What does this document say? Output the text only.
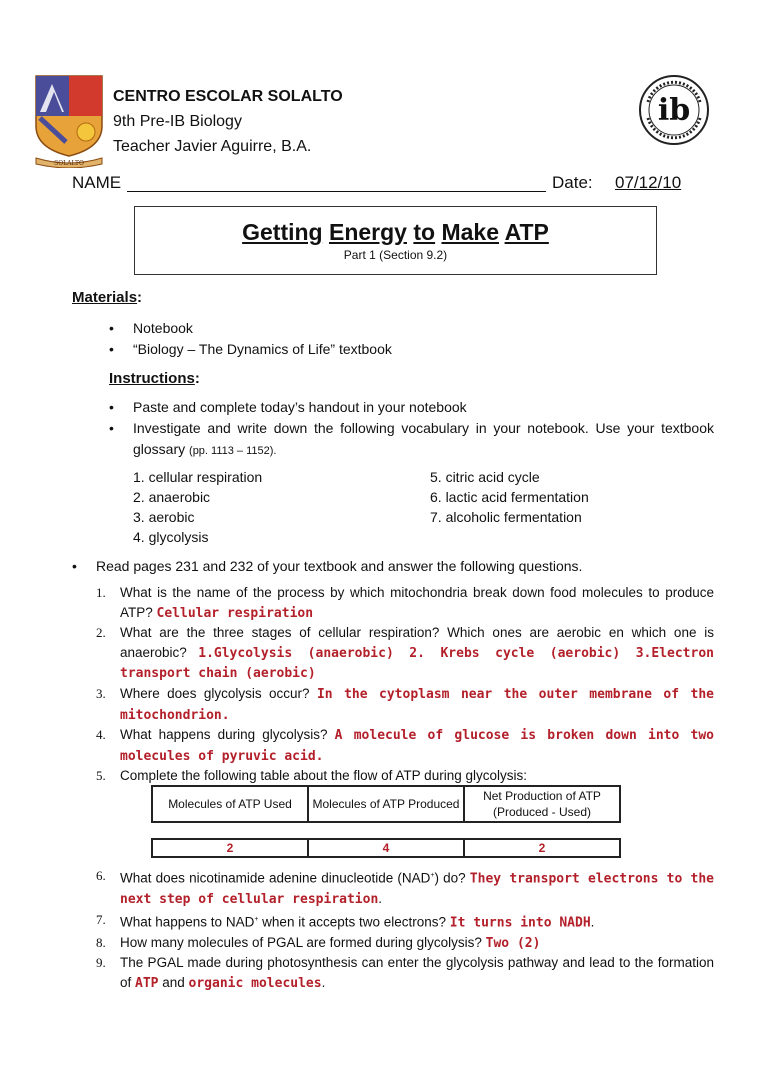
SOLALTO
ib
CENTRO ESCOLAR SOLALTO
9th Pre-IB Biology
Teacher Javier Aguirre, B.A.
NAME	Date: 07/12/10
Getting Energy to Make ATP
Part 1 (Section 9.2)
Materials:
• Notebook
• “Biology – The Dynamics of Life” textbook
Instructions:
• Paste and complete today’s handout in your notebook
• Investigate and write down the following vocabulary in your notebook. Use your textbook glossary (pp. 1113 – 1152).
1. cellular respiration
2. anaerobic
3. aerobic
4. glycolysis
5. citric acid cycle
6. lactic acid fermentation
7. alcoholic fermentation
• Read pages 231 and 232 of your textbook and answer the following questions.
1. What is the name of the process by which mitochondria break down food molecules to produce ATP? Cellular respiration
2. What are the three stages of cellular respiration? Which ones are aerobic en which one is anaerobic? 1.Glycolysis (anaerobic) 2. Krebs cycle (aerobic) 3.Electron transport chain (aerobic)
3. Where does glycolysis occur? In the cytoplasm near the outer membrane of the mitochondrion.
4. What happens during glycolysis? A molecule of glucose is broken down into two molecules of pyruvic acid.
5. Complete the following table about the flow of ATP during glycolysis:
Molecules of ATP Used	Molecules of ATP Produced	Net Production of ATP (Produced - Used)
2	4	2
6. What does nicotinamide adenine dinucleotide (NAD+) do? They transport electrons to the next step of cellular respiration.
7. What happens to NAD+ when it accepts two electrons? It turns into NADH.
8. How many molecules of PGAL are formed during glycolysis? Two (2)
9. The PGAL made during photosynthesis can enter the glycolysis pathway and lead to the formation of ATP and organic molecules.
